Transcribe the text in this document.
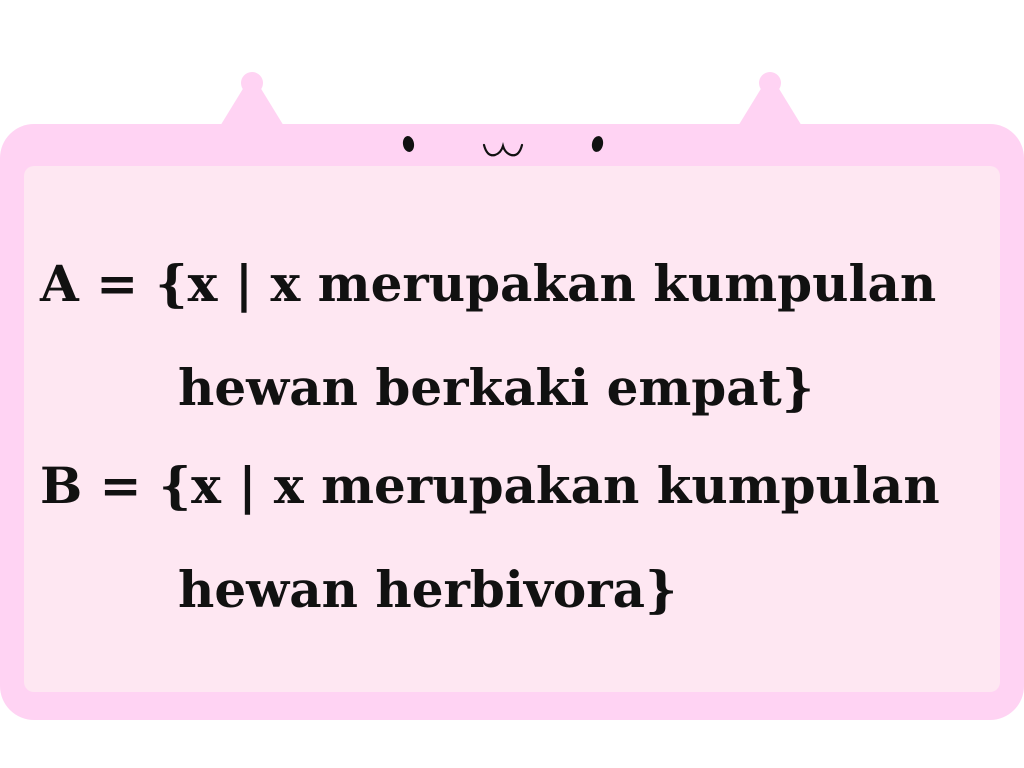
A = {x | x merupakan kumpulan
hewan berkaki empat}
B = {x | x merupakan kumpulan
hewan herbivora}
